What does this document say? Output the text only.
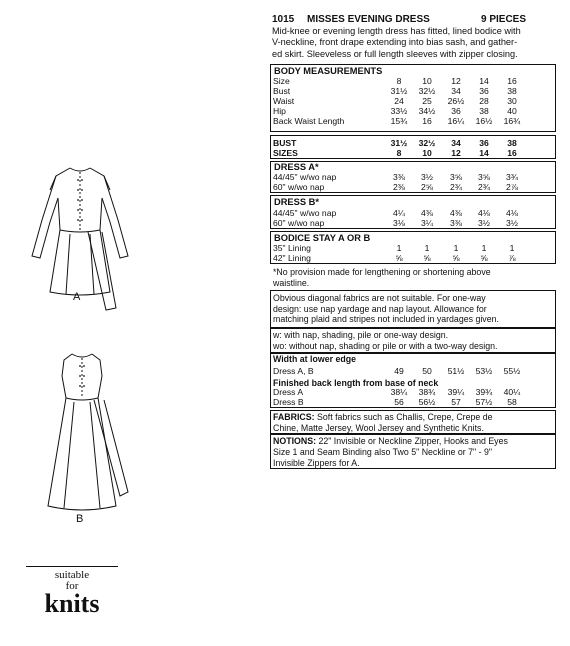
A
B
suitable
for
knits
1015 MISSES EVENING DRESS	9 PIECES
Mid-knee or evening length dress has fitted, lined bodice with
V-neckline, front drape extending into bias sash, and gather-
ed skirt. Sleeveless or full length sleeves with zipper closing.
BODY MEASUREMENTS
DRESS A*
DRESS B*
BODICE STAY A OR B
Size	8	10	12	14	16
Bust	31½	32½	34	36	38
Waist	24	25	26½	28	30
Hip	33½	34½	36	38	40
Back Waist Length	15¾	16	16¼	16½	16¾
BUST	31½	32½	34	36	38
SIZES	8	10	12	14	16
44/45" w/wo nap	3⅜	3½	3⅝	3⅝	3¾
60" w/wo nap	2⅜	2⅝	2¾	2¾	2⅞
44/45" w/wo nap	4¼	4⅜	4⅜	4⅛	4⅛
60" w/wo nap	3⅛	3¼	3⅜	3½	3½
35" Lining	1	1	1	1	1
42" Lining	⅝	⅝	⅝	⅝	⅞
Dress A, B	49	50	51½	53½	55½
Dress A	38¼	38¾	39¼	39¾	40¼
Dress B	56	56½	57	57½	58
*No provision made for lengthening or shortening above
waistline.
Obvious diagonal fabrics are not suitable. For one-way
design: use nap yardage and nap layout. Allowance for
matching plaid and stripes not included in yardages given.
w: with nap, shading, pile or one-way design.
wo: without nap, shading or pile or with a two-way design.
Width at lower edge
Finished back length from base of neck
FABRICS: Soft fabrics such as Challis, Crepe, Crepe de
Chine, Matte Jersey, Wool Jersey and Synthetic Knits.
NOTIONS: 22" Invisible or Neckline Zipper, Hooks and Eyes
Size 1 and Seam Binding also Two 5" Neckline or 7" - 9"
Invisible Zippers for A.
